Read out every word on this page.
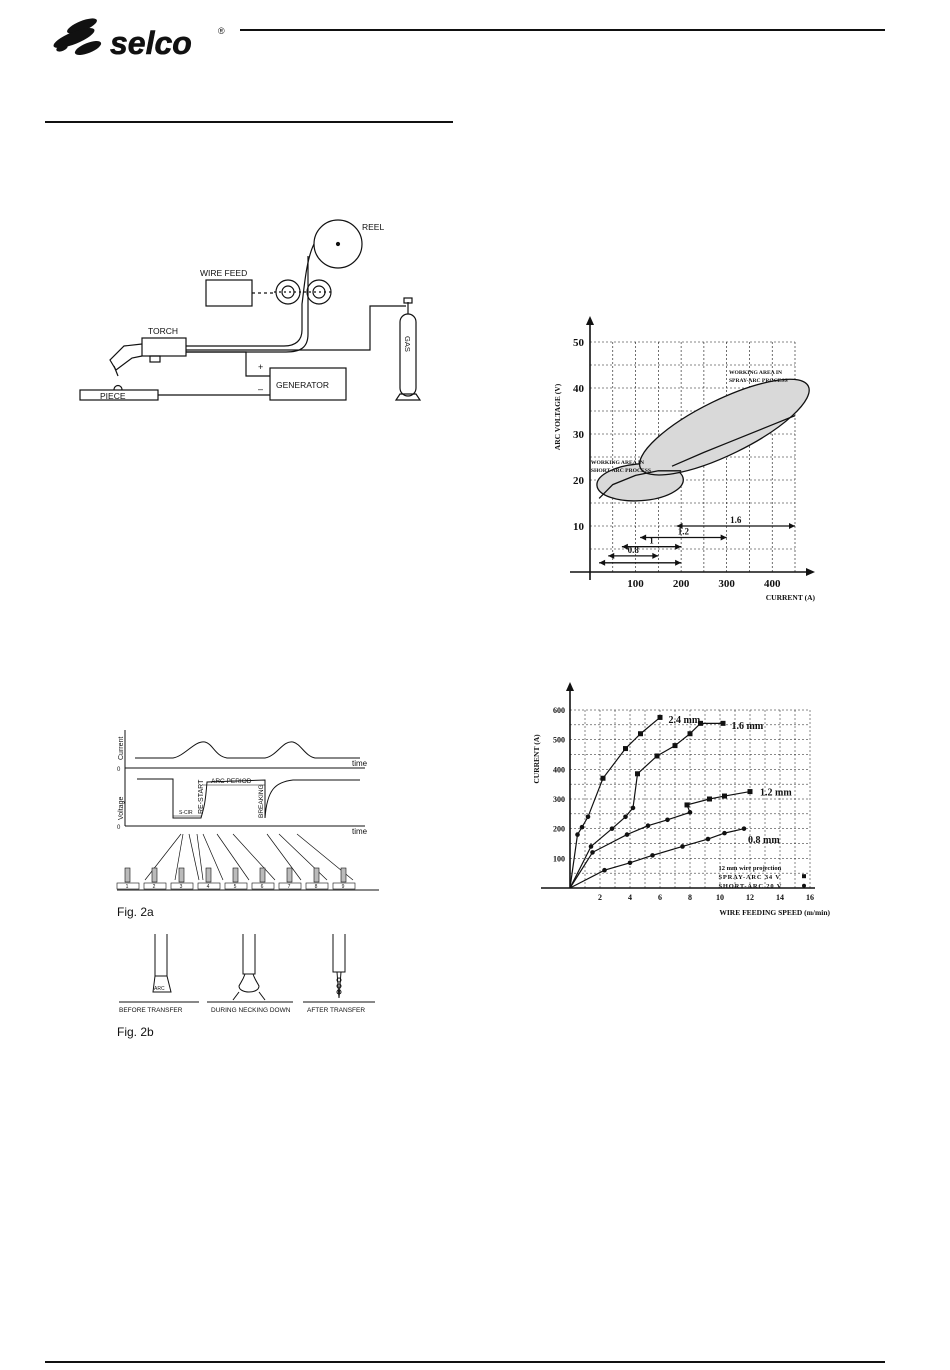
selco	®
REEL
WIRE FEED
TORCH
GAS
GENERATOR
PIECE
+
–
1	2	3	4	5	6	7	8	9
0
0
Current
Voltage
time
time
RE-START ARC PERIOD
BREAKING
S-CIR
Fig. 2a
ARC
BEFORE TRANSFER	DURING NECKING DOWN	AFTER TRANSFER
Fig. 2b
1.6
1.2
1
0.8
100	200	300	400
10
20
30
40
50
CURRENT (A)
ARC VOLTAGE (V)
WORKING AREA IN
SHORT-ARC PROCESS
WORKING AREA IN
SPRAY-ARC PROCESS
2.4 mm
1.6 mm
1.2 mm
0.8 mm
2	4	6	8	10	12	14	16
100
200
300
400
500
600
WIRE FEEDING SPEED (m/min)
CURRENT (A)
12 mm wire projection
SPRAY-ARC 34 V
SHORT-ARC 20 V
